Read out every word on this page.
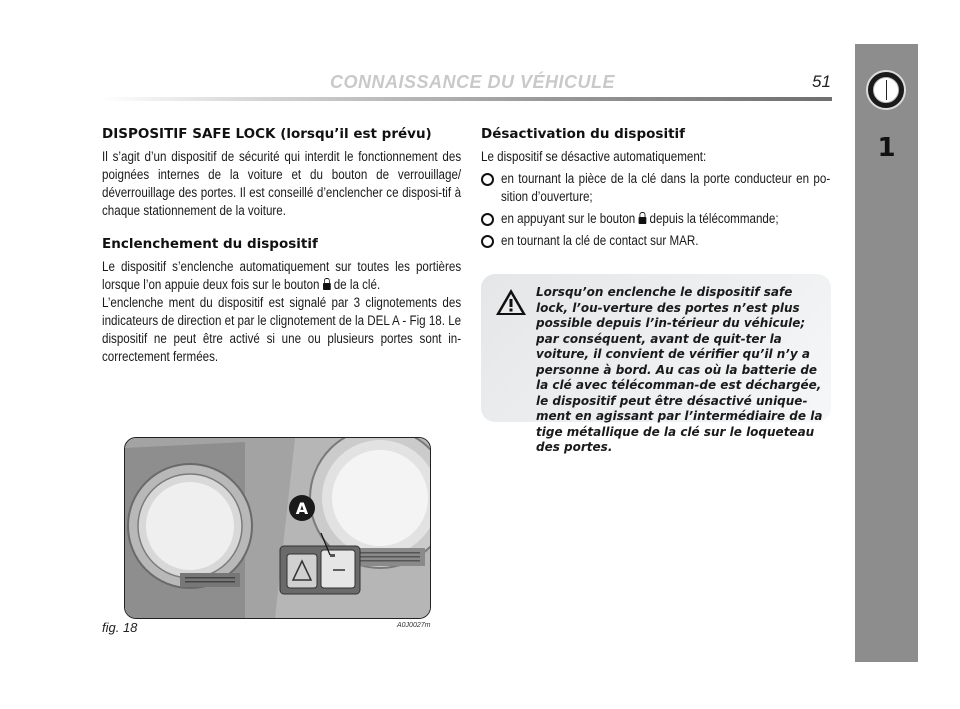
1
CONNAISSANCE DU VÉHICULE	51
DISPOSITIF SAFE LOCK (lorsqu’il est prévu)

Il s’agit d’un dispositif de sécurité qui interdit le fonctionnement des poignées internes de la voiture et du bouton de verrouillage/ déverrouillage des portes. Il est conseillé d’enclencher ce disposi-tif à chaque stationnement de la voiture.

Enclenchement du dispositif

Le dispositif s’enclenche automatiquement sur toutes les portières lorsque l’on appuie deux fois sur le bouton de la clé.

L’enclenche ment du dispositif est signalé par 3 clignotements des indicateurs de direction et par le clignotement de la DEL A - Fig 18. Le dispositif ne peut être activé si une ou plusieurs portes sont in-correctement fermées.

Désactivation du dispositif

Le dispositif se désactive automatiquement:

en tournant la pièce de la clé dans la porte conducteur en po-sition d’ouverture;

en appuyant sur le bouton depuis la télécommande;

en tournant la clé de contact sur MAR.

Lorsqu’on enclenche le dispositif safe lock, l’ou-verture des portes n’est plus possible depuis l’in-térieur du véhicule; par conséquent, avant de quit-ter la voiture, il convient de vérifier qu’il n’y a personne à bord. Au cas où la batterie de la clé avec télécomman-de est déchargée, le dispositif peut être désactivé unique-ment en agissant par l’intermédiaire de la tige métallique de la clé sur le loqueteau des portes.
A
fig. 18	A0J0027m
